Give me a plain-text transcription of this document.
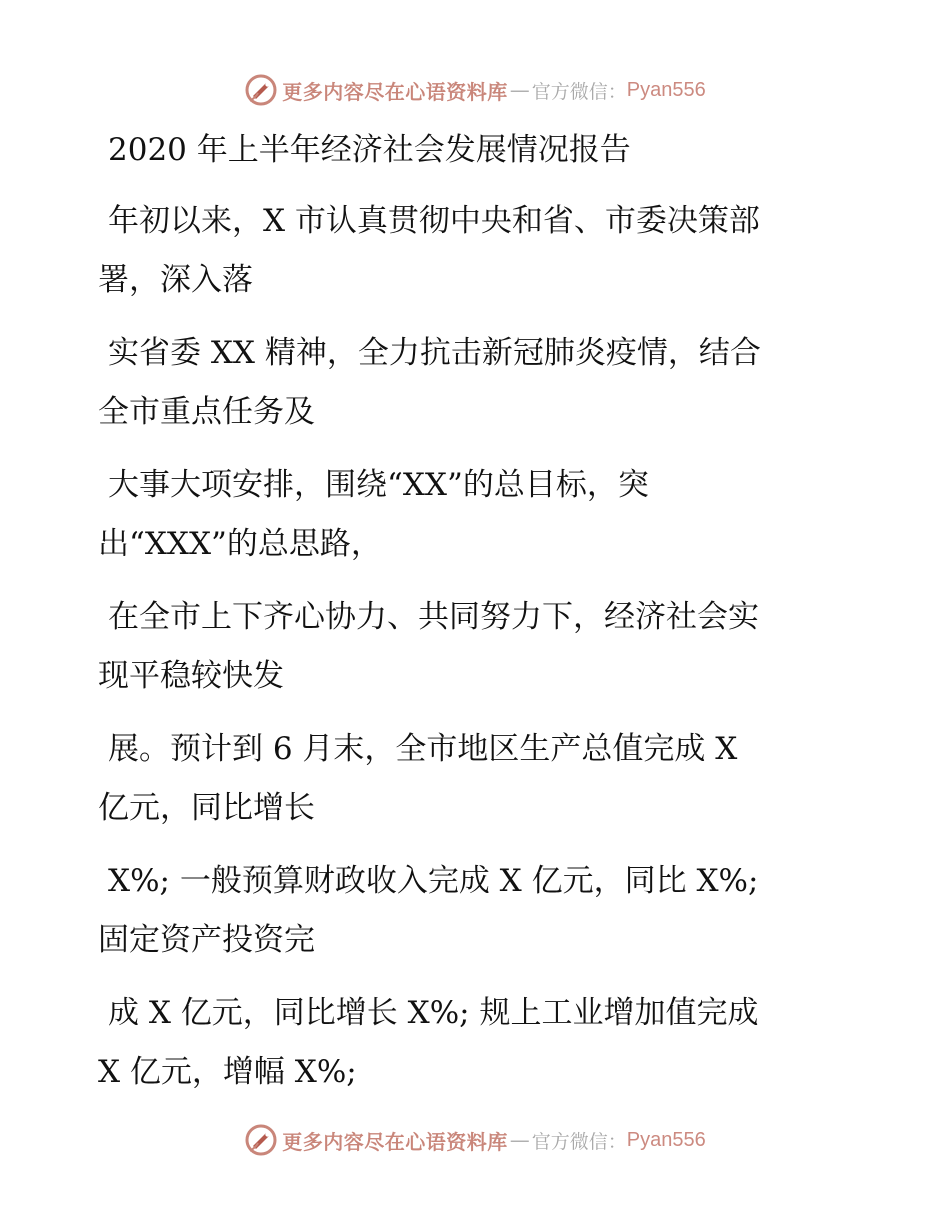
更多内容尽在心语资料库 — 官方微信： Pyan556
2020 年上半年经济社会发展情况报告
年初以来，X 市认真贯彻中央和省、市委决策部
署，深入落
实省委 XX 精神，全力抗击新冠肺炎疫情，结合
全市重点任务及
大事大项安排，围绕“XX”的总目标，突
出“XXX”的总思路，
在全市上下齐心协力、共同努力下，经济社会实
现平稳较快发
展。预计到 6 月末，全市地区生产总值完成 X
亿元，同比增长
X%; 一般预算财政收入完成 X 亿元，同比 X%;
固定资产投资完
成 X 亿元，同比增长 X%; 规上工业增加值完成
X 亿元，增幅 X%;
更多内容尽在心语资料库 — 官方微信： Pyan556
